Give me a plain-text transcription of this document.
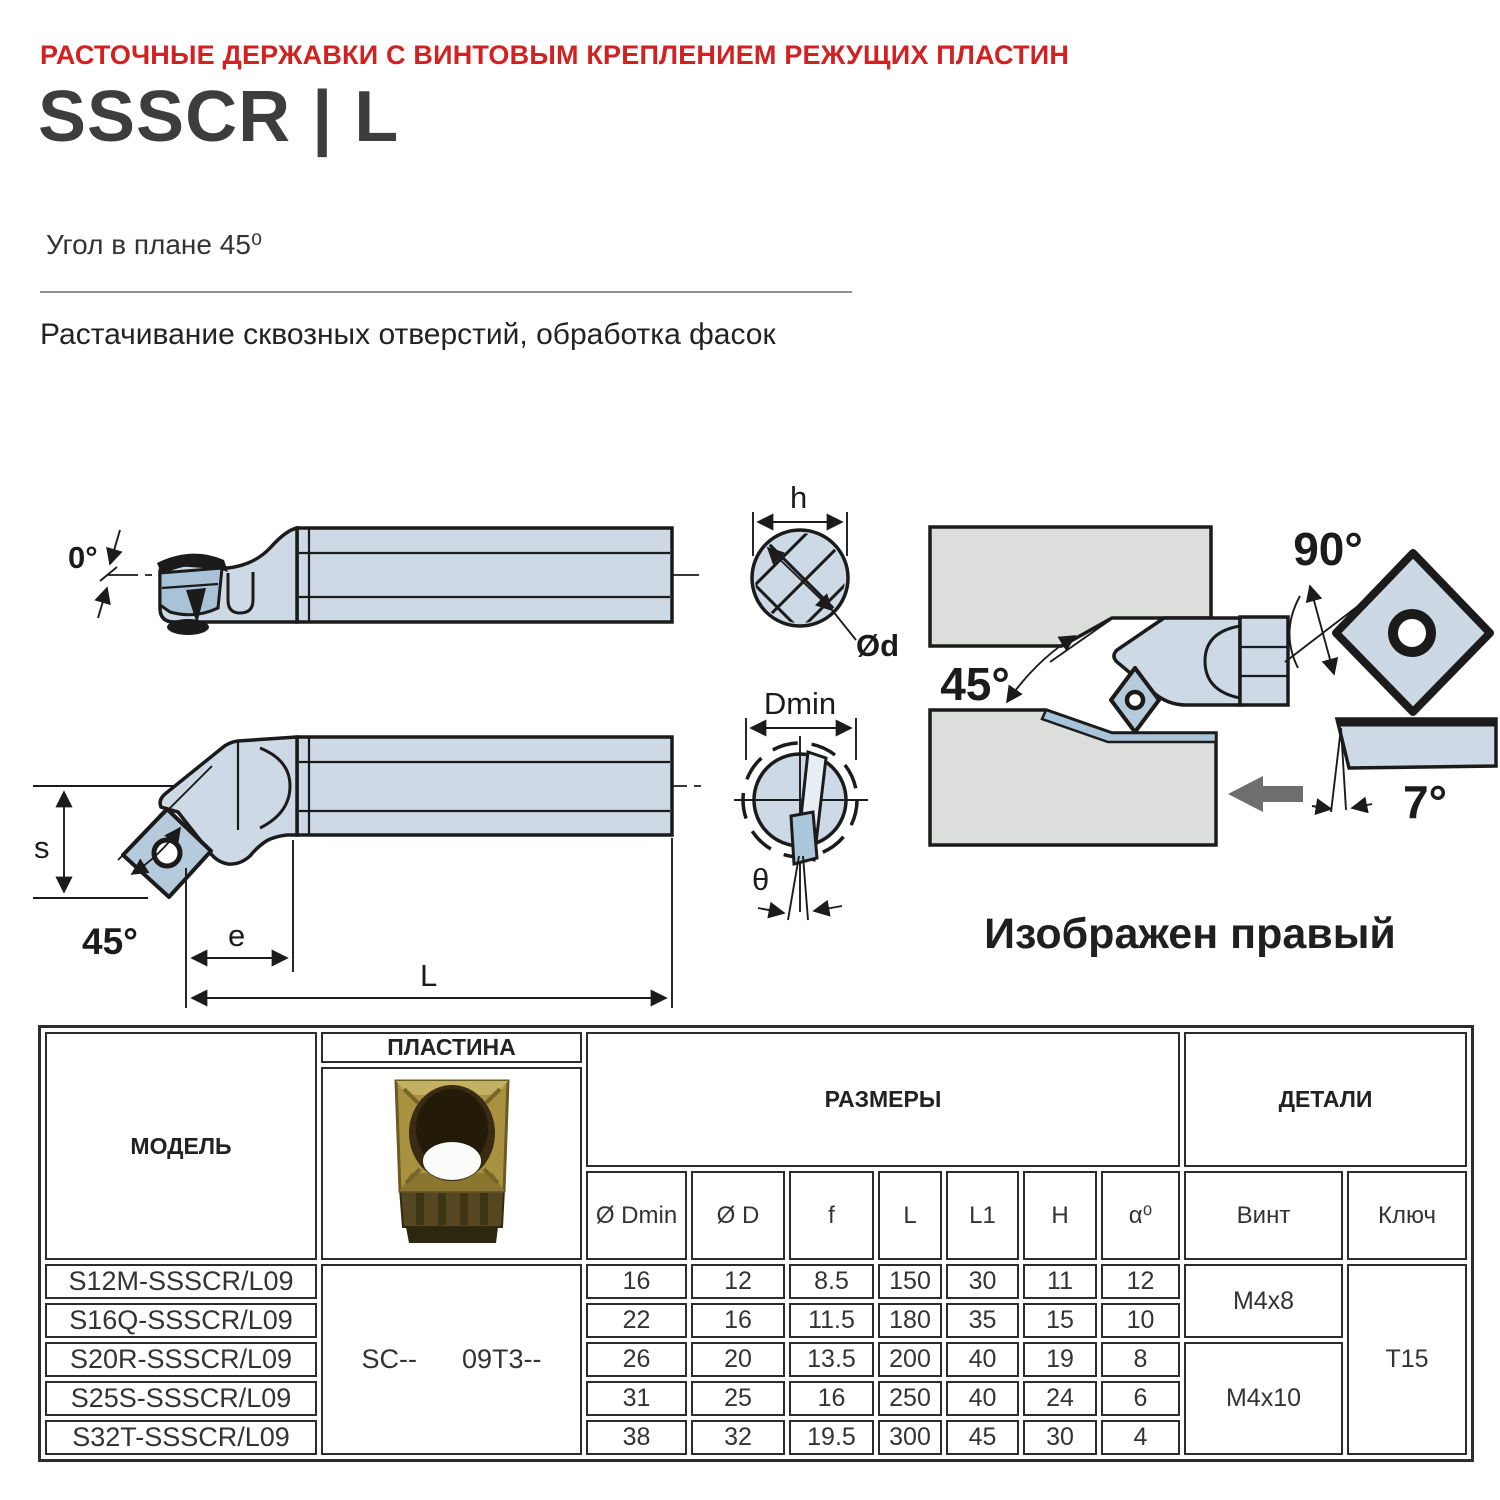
РАСТОЧНЫЕ ДЕРЖАВКИ С ВИНТОВЫМ КРЕПЛЕНИЕМ РЕЖУЩИХ ПЛАСТИН
SSSCR | L
Угол в плане 45⁰
Растачивание сквозных отверстий, обработка фасок
0°
s
45°	e
L
h
Ød
Dmin
θ
45°
90°
7°
Изображен правый
МОДЕЛЬ	ПЛАСТИНА	РАЗМЕРЫ							ДЕТАЛИ	

		Ø Dmin	Ø D	f	L	L1	H	α⁰	Винт	Ключ
S12M-SSSCR/L09	SC--      09T3--	16	12	8.5	150	30	11	12	M4x8	T15
S16Q-SSSCR/L09		22	16	11.5	180	35	15	10		
S20R-SSSCR/L09		26	20	13.5	200	40	19	8	M4x10	
S25S-SSSCR/L09		31	25	16	250	40	24	6		
S32T-SSSCR/L09		38	32	19.5	300	45	30	4		
